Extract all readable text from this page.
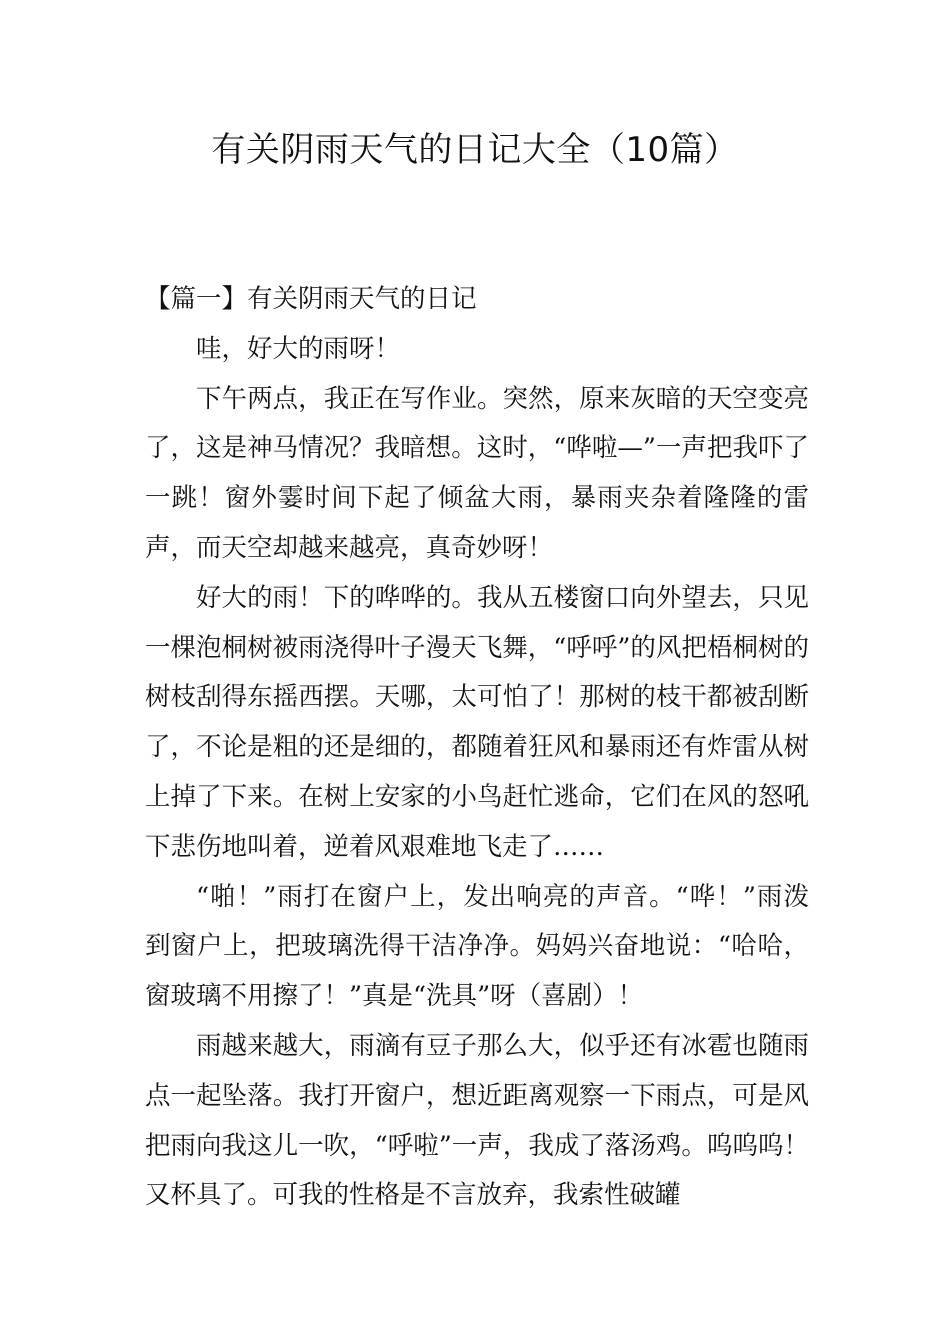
有关阴雨天气的日记大全（10篇）

【篇一】有关阴雨天气的日记

哇，好大的雨呀！

下午两点，我正在写作业。突然，原来灰暗的天空变亮了，这是神马情况？我暗想。这时，“哗啦—”一声把我吓了一跳！窗外霎时间下起了倾盆大雨，暴雨夹杂着隆隆的雷声，而天空却越来越亮，真奇妙呀！

好大的雨！下的哗哗的。我从五楼窗口向外望去，只见一棵泡桐树被雨浇得叶子漫天飞舞，“呼呼”的风把梧桐树的树枝刮得东摇西摆。天哪，太可怕了！那树的枝干都被刮断了，不论是粗的还是细的，都随着狂风和暴雨还有炸雷从树上掉了下来。在树上安家的小鸟赶忙逃命，它们在风的怒吼下悲伤地叫着，逆着风艰难地飞走了……

“啪！”雨打在窗户上，发出响亮的声音。“哗！”雨泼到窗户上，把玻璃洗得干洁净净。妈妈兴奋地说：“哈哈，窗玻璃不用擦了！”真是“洗具”呀（喜剧）！

雨越来越大，雨滴有豆子那么大，似乎还有冰雹也随雨点一起坠落。我打开窗户，想近距离观察一下雨点，可是风把雨向我这儿一吹，“呼啦”一声，我成了落汤鸡。呜呜呜！又杯具了。可我的性格是不言放弃，我索性破罐
